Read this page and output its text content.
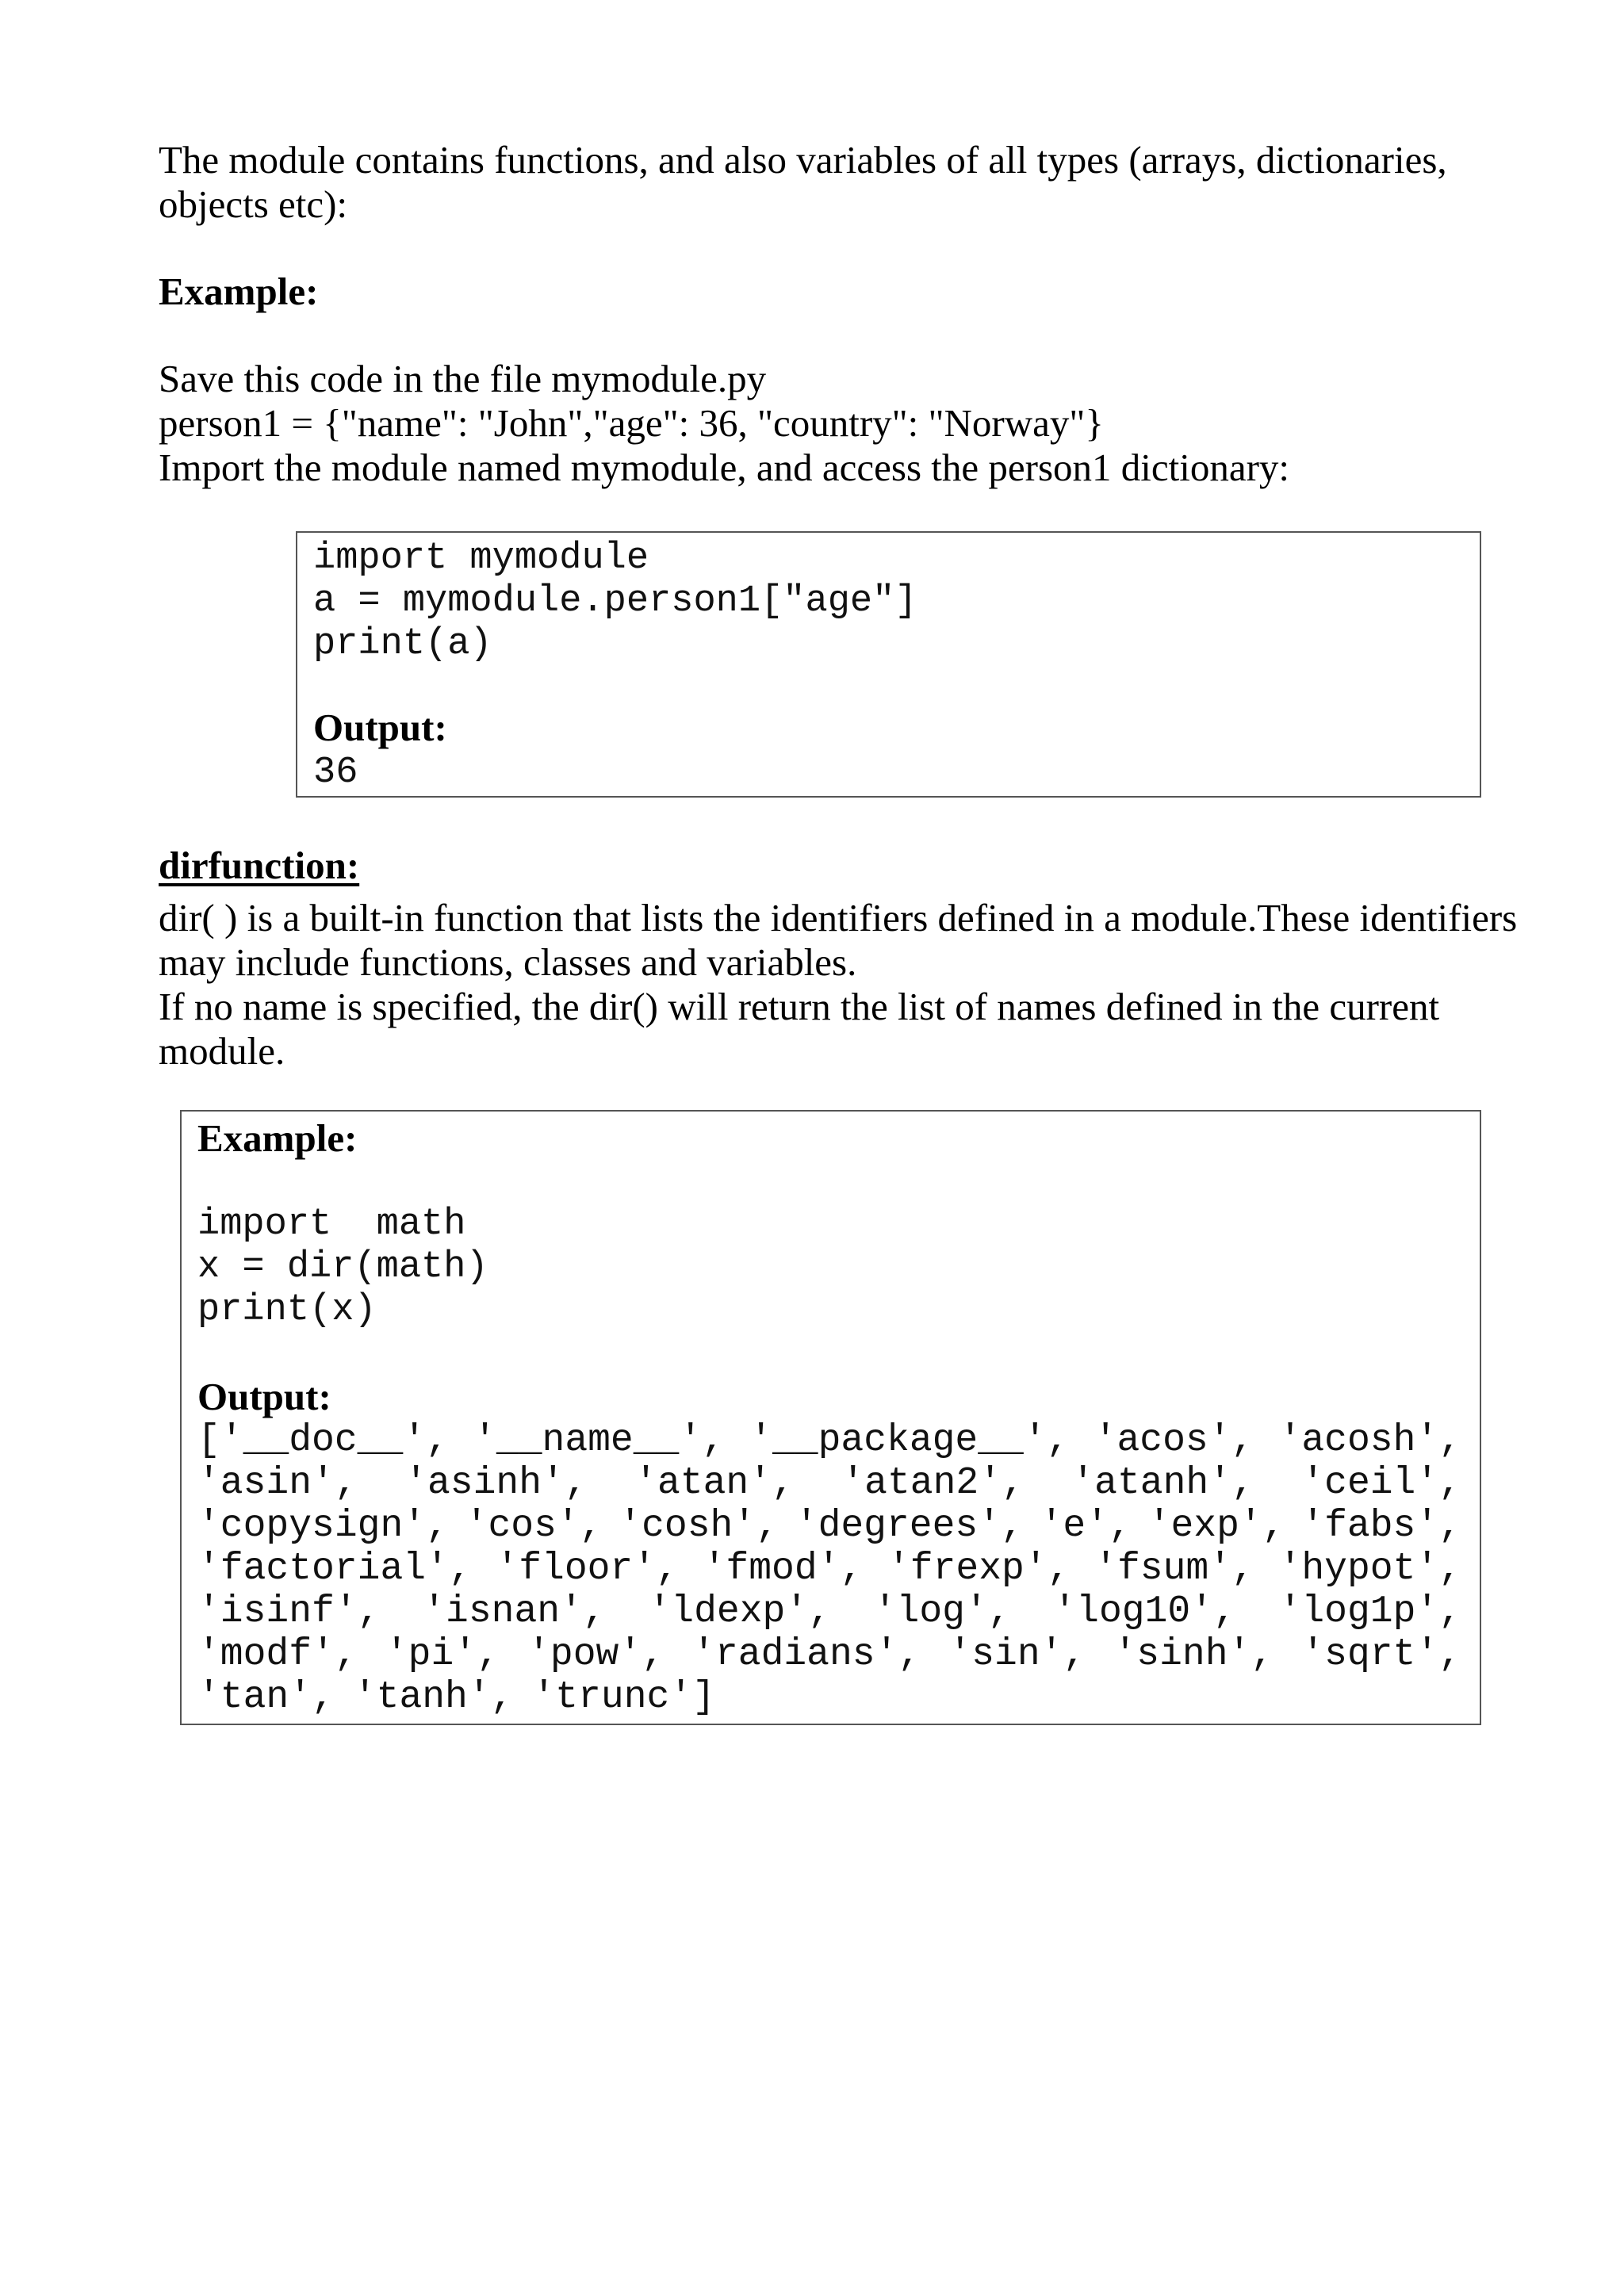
The module contains functions, and also variables of all types (arrays, dictionaries,

objects etc):

Example:

Save this code in the file mymodule.py

person1 = {"name": "John","age": 36, "country": "Norway"}

Import the module named mymodule, and access the person1 dictionary:

import mymodule
a = mymodule.person1["age"]
print(a)

Output:

36

dirfunction:

dir( ) is a built-in function that lists the identifiers defined in a module.These identifiers

may include functions, classes and variables.

If no name is specified, the dir() will return the list of names defined in the current

module.

Example:

import  math
x = dir(math)
print(x)

Output:

['__doc__', '__name__', '__package__', 'acos', 'acosh',
'asin', 'asinh', 'atan', 'atan2', 'atanh', 'ceil',
'copysign', 'cos', 'cosh', 'degrees', 'e', 'exp', 'fabs',
'factorial', 'floor', 'fmod', 'frexp', 'fsum', 'hypot',
'isinf', 'isnan', 'ldexp', 'log', 'log10', 'log1p',
'modf', 'pi', 'pow', 'radians', 'sin', 'sinh', 'sqrt',
'tan', 'tanh', 'trunc']
